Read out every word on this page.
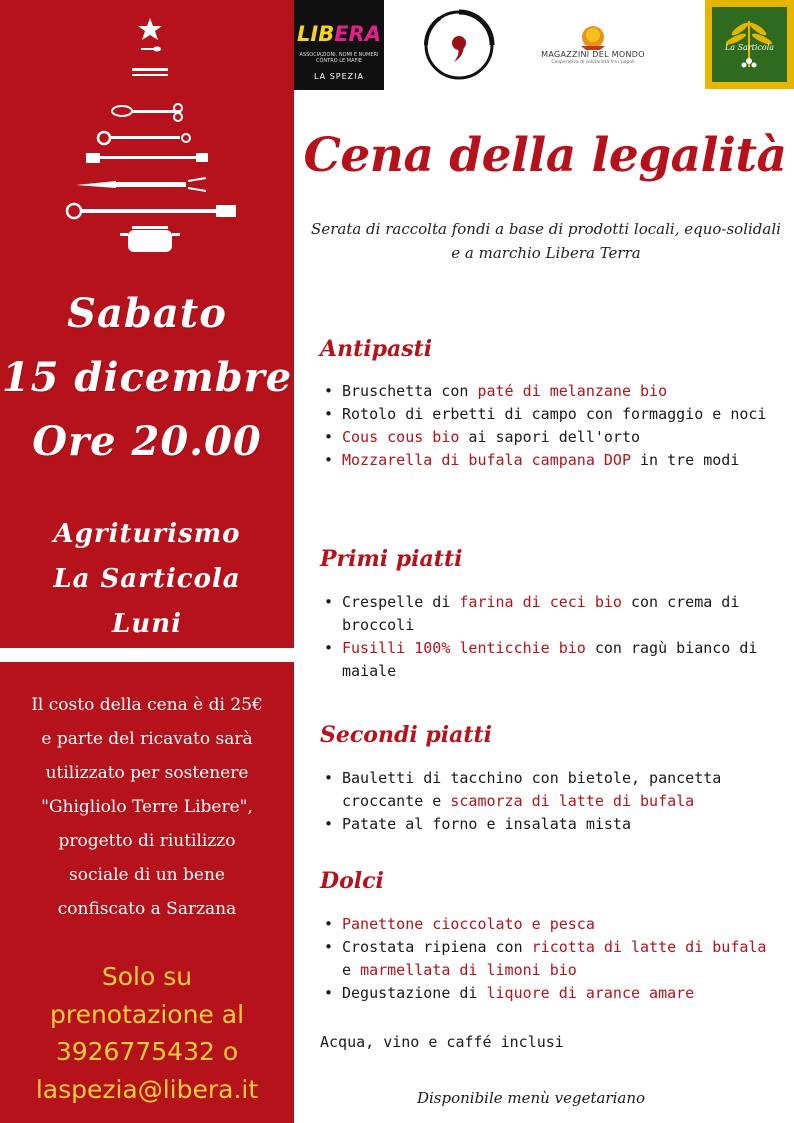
Sabato
15 dicembre
Ore 20.00
Agriturismo
La Sarticola
Luni
Il costo della cena è di 25€
e parte del ricavato sarà
utilizzato per sostenere
"Ghigliolo Terre Libere",
progetto di riutilizzo
sociale di un bene
confiscato a Sarzana
Solo su
prenotazione al
3926775432 o
laspezia@libera.it
LIBERA
ASSOCIAZIONI, NOMI E NUMERI
CONTRO LE MAFIE
LA SPEZIA
MAGAZZINI DEL MONDO
Cooperativa di solidarietà fra i popoli
La Sarticola
Cena della legalità
Serata di raccolta fondi a base di prodotti locali, equo-solidali e a marchio Libera Terra
Antipasti
• Bruschetta con paté di melanzane bio
• Rotolo di erbetti di campo con formaggio e noci
• Cous cous bio ai sapori dell'orto
• Mozzarella di bufala campana DOP in tre modi
Primi piatti
• Crespelle di farina di ceci bio con crema di broccoli
• Fusilli 100% lenticchie bio con ragù bianco di maiale
Secondi piatti
• Bauletti di tacchino con bietole, pancetta croccante e scamorza di latte di bufala
• Patate al forno e insalata mista
Dolci
• Panettone cioccolato e pesca
• Crostata ripiena con ricotta di latte di bufala e marmellata di limoni bio
• Degustazione di liquore di arance amare
Acqua, vino e caffé inclusi
Disponibile menù vegetariano
